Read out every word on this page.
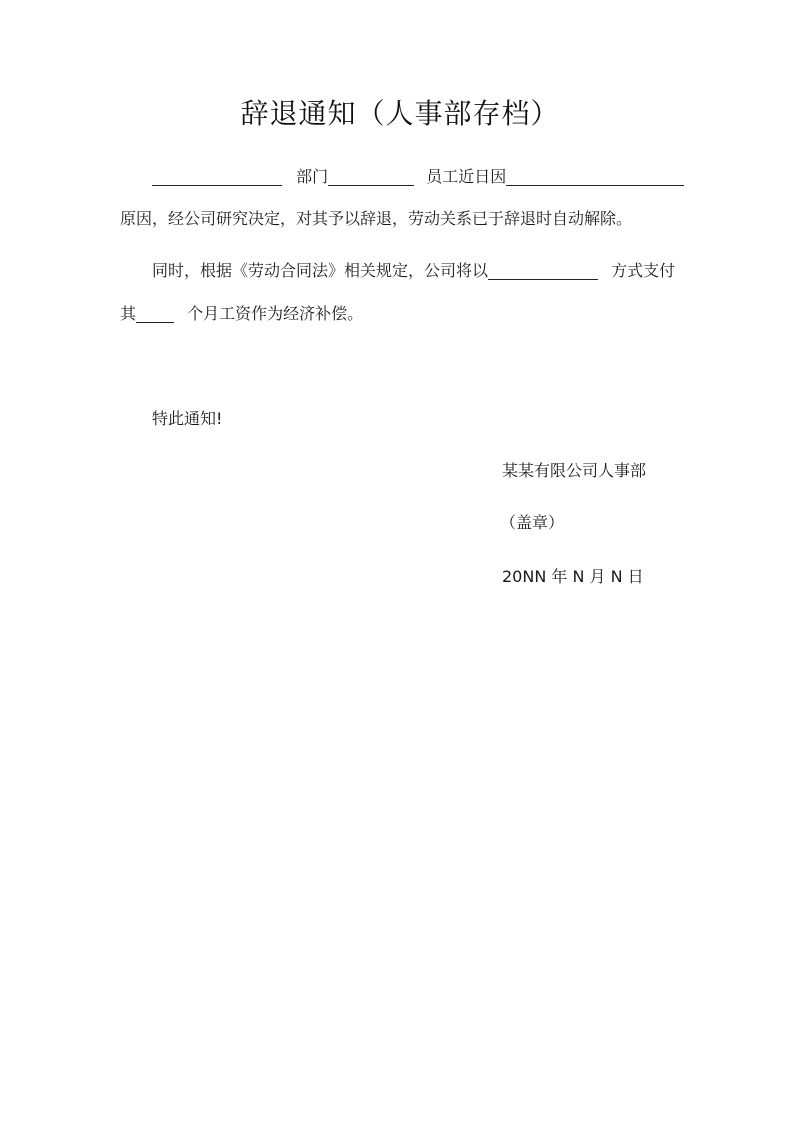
辞退通知（人事部存档）
部门	员工近日因
原因，经公司研究决定，对其予以辞退，劳动关系已于辞退时自动解除。
同时，根据《劳动合同法》相关规定，公司将以	方式支付
其	个月工资作为经济补偿。
特此通知!
某某有限公司人事部
（盖章）
20NN 年 N 月 N 日
